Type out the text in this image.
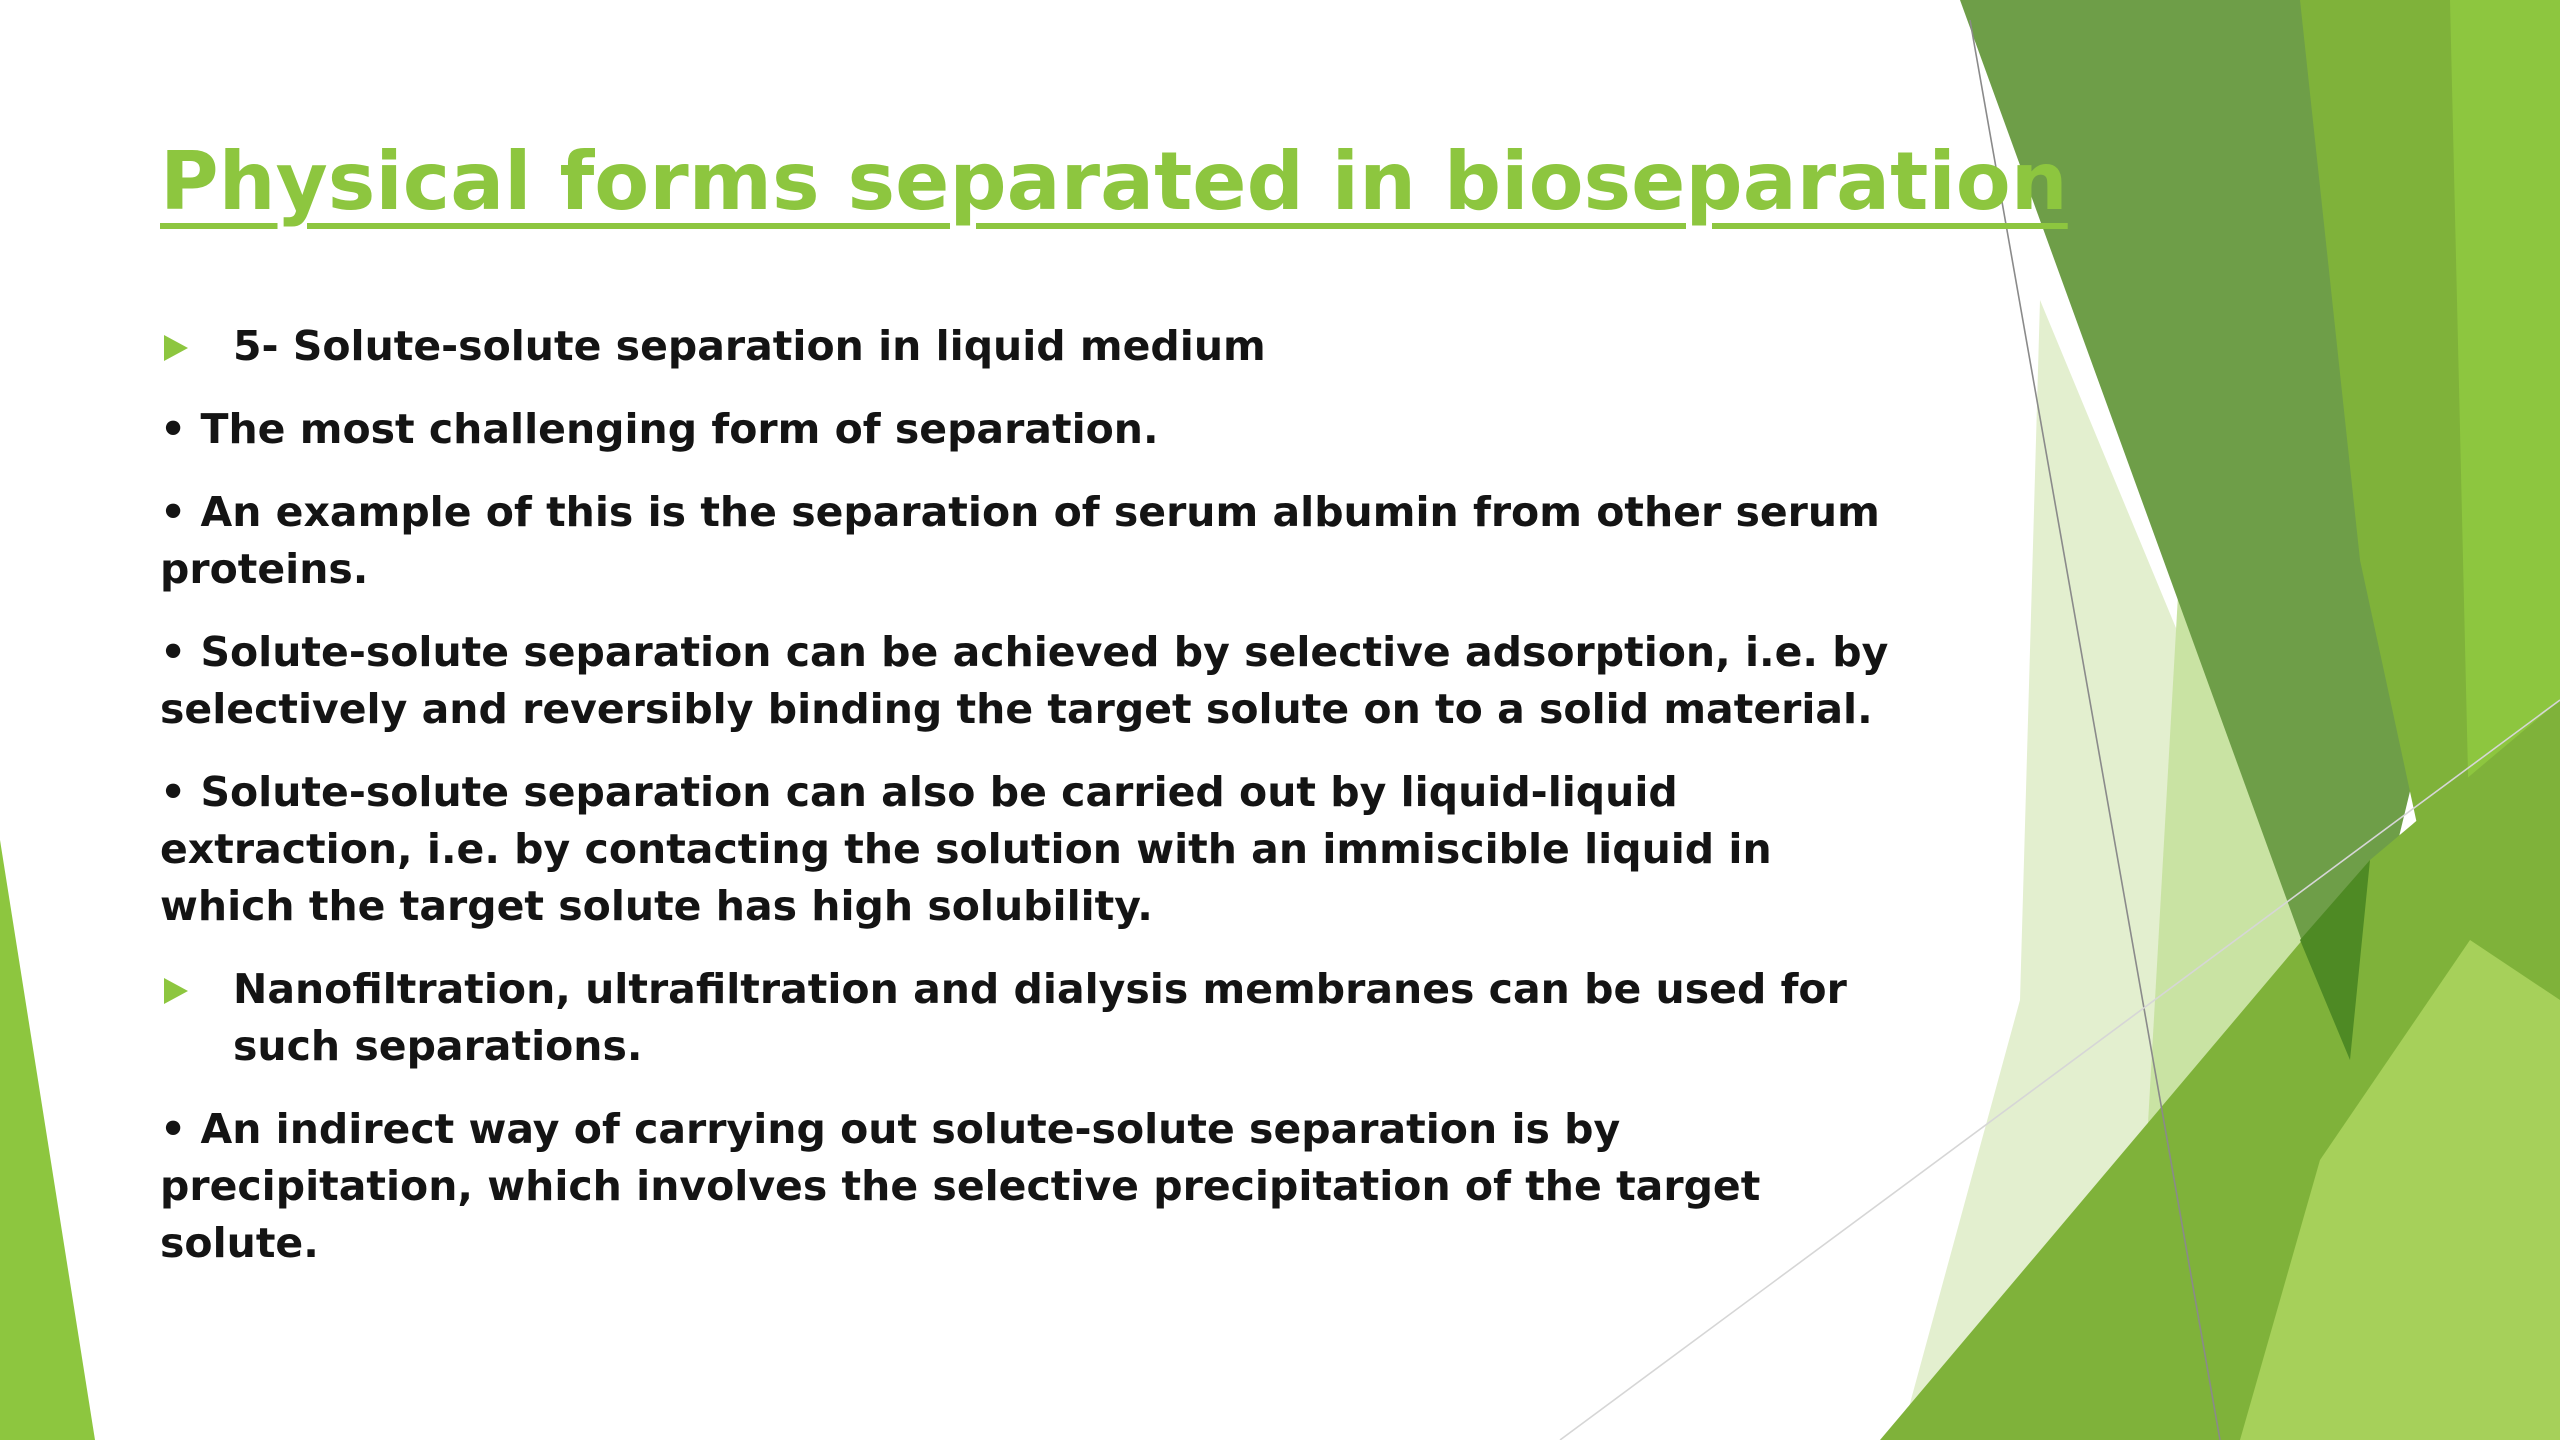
Physical forms separated in bioseparation

5- Solute-solute separation in liquid medium

• The most challenging form of separation.

• An example of this is the separation of serum albumin from other serum proteins.

• Solute-solute separation can be achieved by selective adsorption, i.e. by selectively and reversibly binding the target solute on to a solid material.

• Solute-solute separation can also be carried out by liquid-liquid extraction, i.e. by contacting the solution with an immiscible liquid in which the target solute has high solubility.

Nanofiltration, ultrafiltration and dialysis membranes can be used for such separations.

• An indirect way of carrying out solute-solute separation is by precipitation, which involves the selective precipitation of the target solute.
